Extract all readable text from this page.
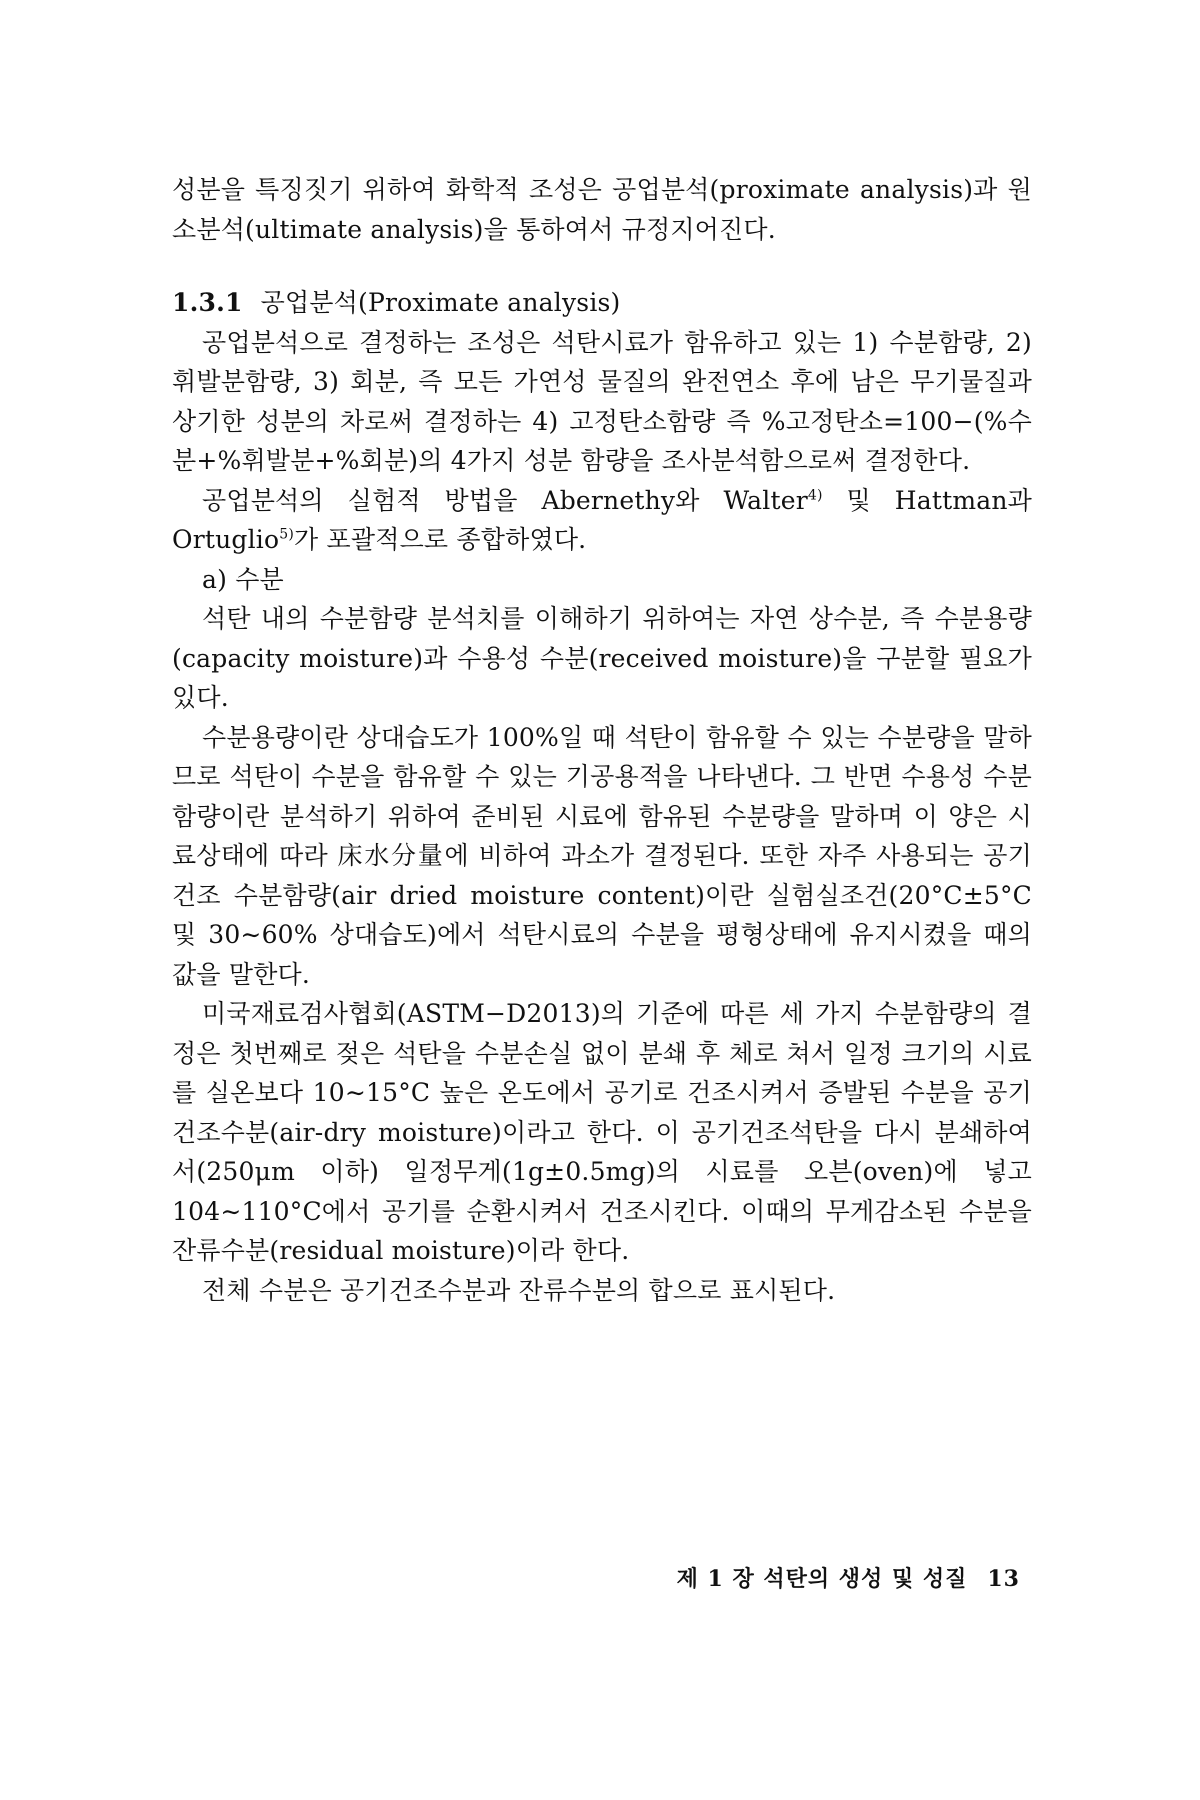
성분을 특징짓기 위하여 화학적 조성은 공업분석(proximate analysis)과 원소분석(ultimate analysis)을 통하여서 규정지어진다.

1.3.1 공업분석(Proximate analysis)

공업분석으로 결정하는 조성은 석탄시료가 함유하고 있는 1) 수분함량, 2) 휘발분함량, 3) 회분, 즉 모든 가연성 물질의 완전연소 후에 남은 무기물질과 상기한 성분의 차로써 결정하는 4) 고정탄소함량 즉 %고정탄소=100−(%수분+%휘발분+%회분)의 4가지 성분 함량을 조사분석함으로써 결정한다.

공업분석의 실험적 방법을 Abernethy와 Walter$^{4)}$ 및 Hattman과 Ortuglio$^{5)}$가 포괄적으로 종합하였다.

a) 수분

석탄 내의 수분함량 분석치를 이해하기 위하여는 자연 상수분, 즉 수분용량(capacity moisture)과 수용성 수분(received moisture)을 구분할 필요가 있다.

수분용량이란 상대습도가 100%일 때 석탄이 함유할 수 있는 수분량을 말하므로 석탄이 수분을 함유할 수 있는 기공용적을 나타낸다. 그 반면 수용성 수분함량이란 분석하기 위하여 준비된 시료에 함유된 수분량을 말하며 이 양은 시료상태에 따라 床水分量에 비하여 과소가 결정된다. 또한 자주 사용되는 공기건조 수분함량(air dried moisture content)이란 실험실조건(20°C±5°C 및 30∼60% 상대습도)에서 석탄시료의 수분을 평형상태에 유지시켰을 때의 값을 말한다.

미국재료검사협회(ASTM−D2013)의 기준에 따른 세 가지 수분함량의 결정은 첫번째로 젖은 석탄을 수분손실 없이 분쇄 후 체로 쳐서 일정 크기의 시료를 실온보다 10∼15°C 높은 온도에서 공기로 건조시켜서 증발된 수분을 공기건조수분(air-dry moisture)이라고 한다. 이 공기건조석탄을 다시 분쇄하여서(250μm 이하) 일정무게(1g±0.5mg)의 시료를 오븐(oven)에 넣고 104∼110°C에서 공기를 순환시켜서 건조시킨다. 이때의 무게감소된 수분을 잔류수분(residual moisture)이라 한다.

전체 수분은 공기건조수분과 잔류수분의 합으로 표시된다.

제 1 장 석탄의 생성 및 성질 13
